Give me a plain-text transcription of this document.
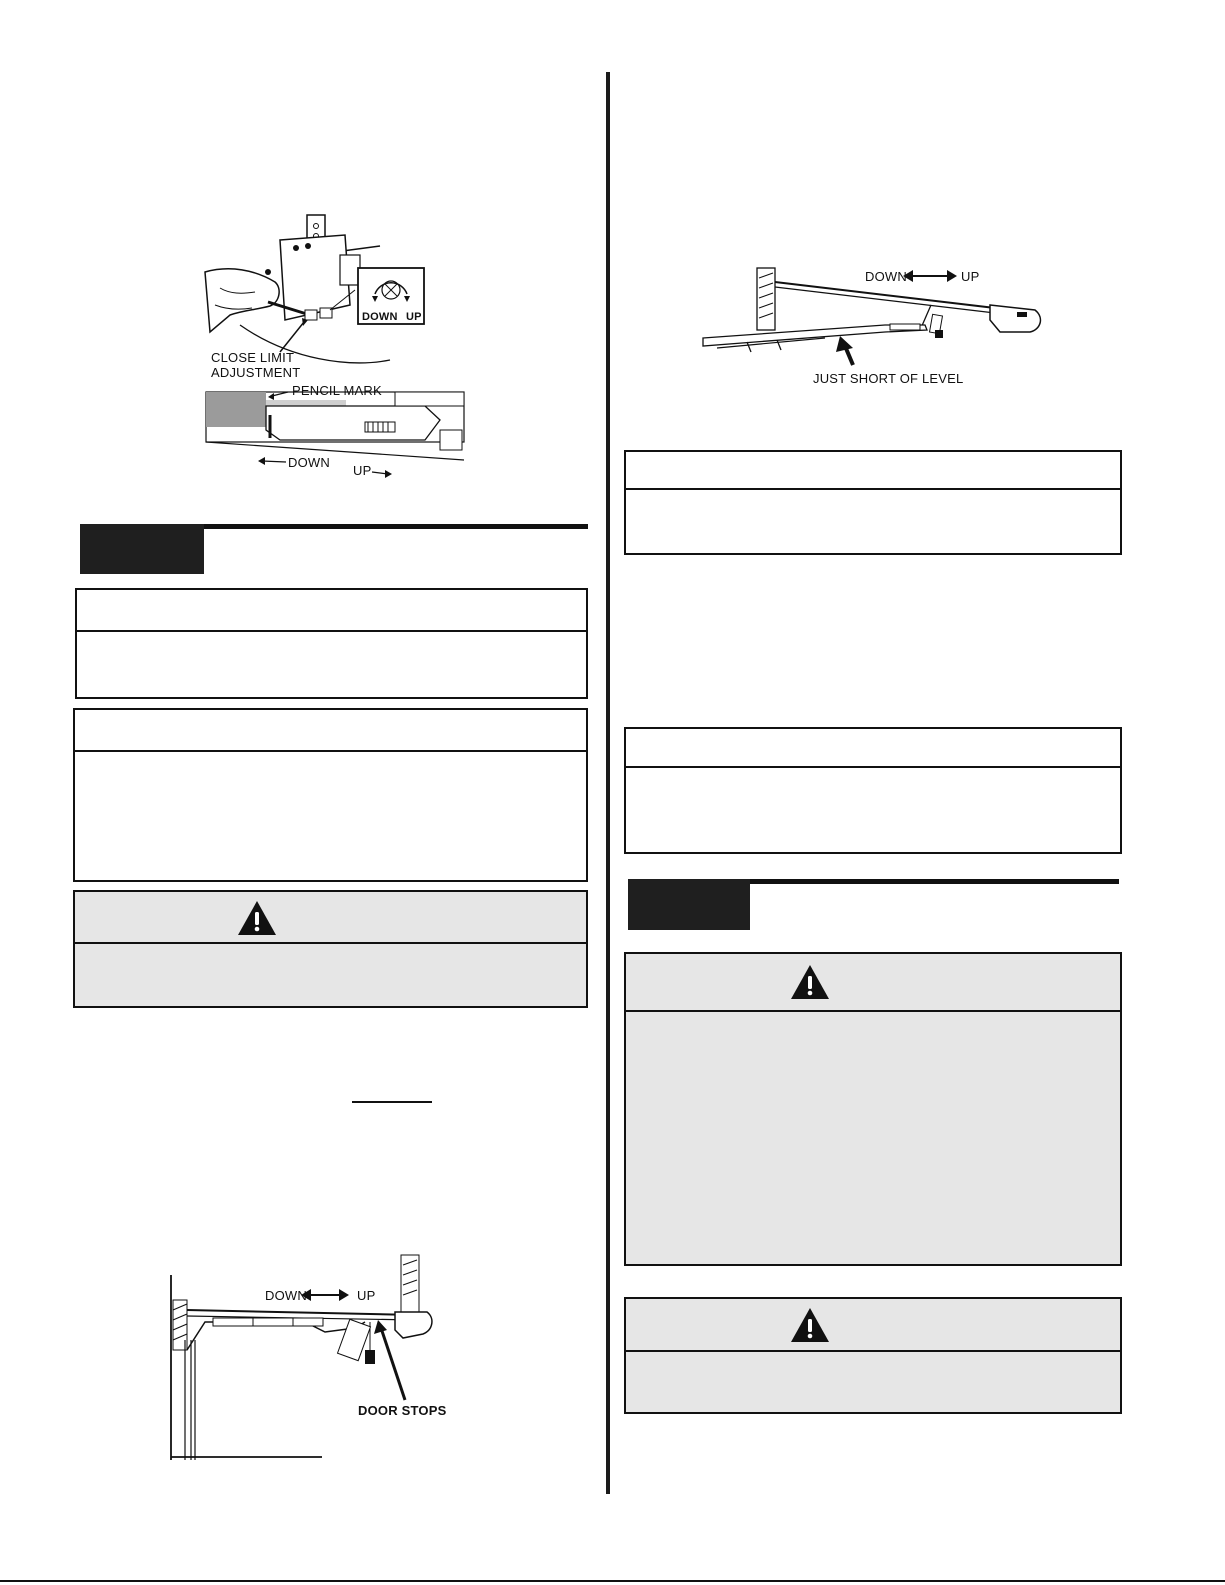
DOWN UP
CLOSE LIMIT
ADJUSTMENT
PENCIL MARK
DOWN
UP
DOWN	UP
DOOR STOPS
DOWN	UP
JUST SHORT OF LEVEL
